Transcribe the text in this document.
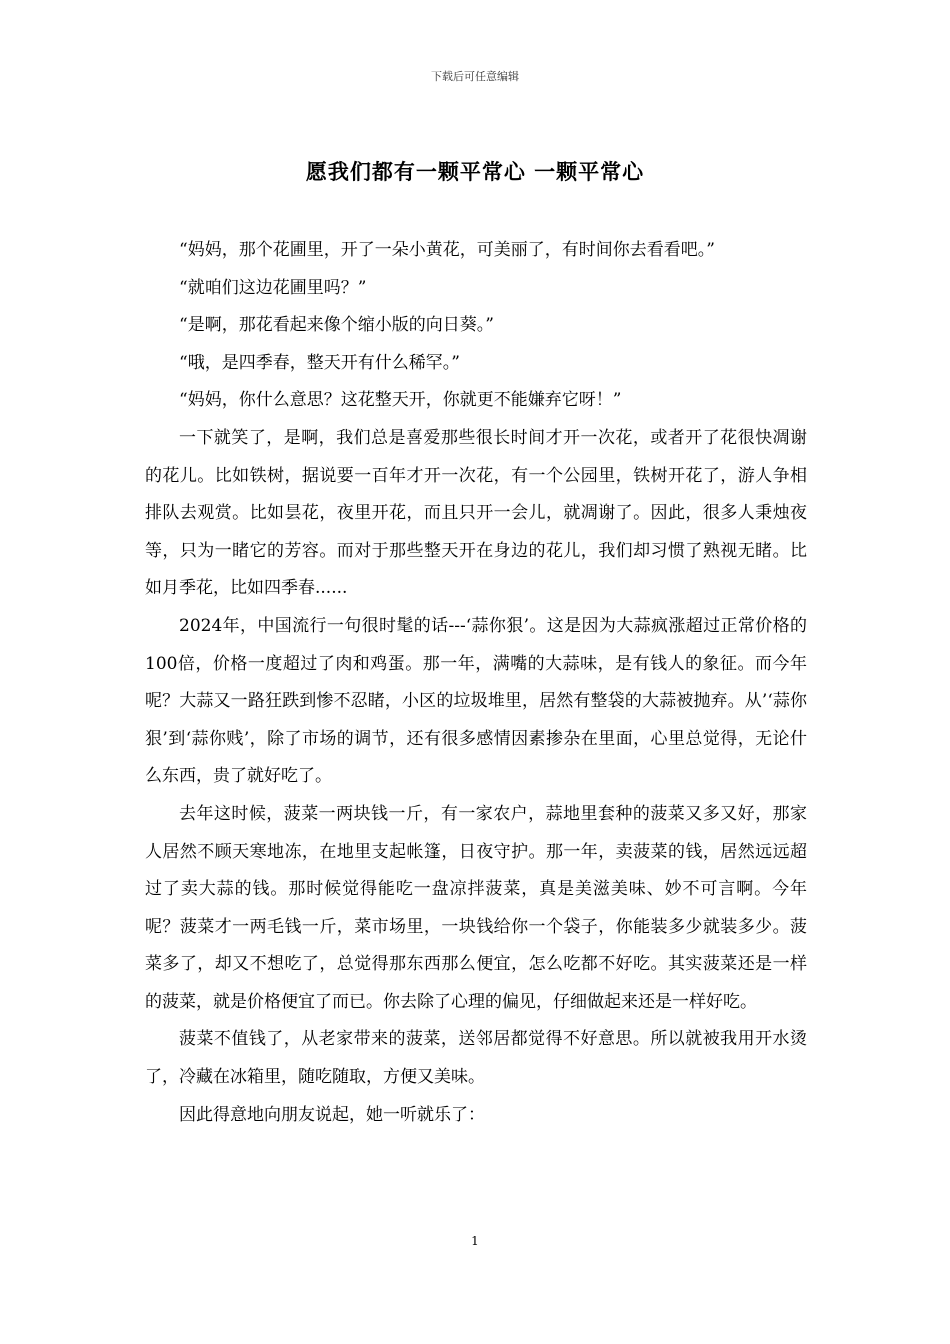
下载后可任意编辑
愿我们都有一颗平常心 一颗平常心

“妈妈，那个花圃里，开了一朵小黄花，可美丽了，有时间你去看看吧。”

“就咱们这边花圃里吗？”

“是啊，那花看起来像个缩小版的向日葵。”

“哦，是四季春，整天开有什么稀罕。”

“妈妈，你什么意思？这花整天开，你就更不能嫌弃它呀！”

一下就笑了，是啊，我们总是喜爱那些很长时间才开一次花，或者开了花很快凋谢的花儿。比如铁树，据说要一百年才开一次花，有一个公园里，铁树开花了，游人争相排队去观赏。比如昙花，夜里开花，而且只开一会儿，就凋谢了。因此，很多人秉烛夜等，只为一睹它的芳容。而对于那些整天开在身边的花儿，我们却习惯了熟视无睹。比如月季花，比如四季春......

2024年，中国流行一句很时髦的话---‘蒜你狠’。这是因为大蒜疯涨超过正常价格的100倍，价格一度超过了肉和鸡蛋。那一年，满嘴的大蒜味，是有钱人的象征。而今年呢？大蒜又一路狂跌到惨不忍睹，小区的垃圾堆里，居然有整袋的大蒜被抛弃。从’‘蒜你狠’到‘蒜你贱’，除了市场的调节，还有很多感情因素掺杂在里面，心里总觉得，无论什么东西，贵了就好吃了。

去年这时候，菠菜一两块钱一斤，有一家农户，蒜地里套种的菠菜又多又好，那家人居然不顾天寒地冻，在地里支起帐篷，日夜守护。那一年，卖菠菜的钱，居然远远超过了卖大蒜的钱。那时候觉得能吃一盘凉拌菠菜，真是美滋美味、妙不可言啊。今年呢？菠菜才一两毛钱一斤，菜市场里，一块钱给你一个袋子，你能装多少就装多少。菠菜多了，却又不想吃了，总觉得那东西那么便宜，怎么吃都不好吃。其实菠菜还是一样的菠菜，就是价格便宜了而已。你去除了心理的偏见，仔细做起来还是一样好吃。

菠菜不值钱了，从老家带来的菠菜，送邻居都觉得不好意思。所以就被我用开水烫了，冷藏在冰箱里，随吃随取，方便又美味。

因此得意地向朋友说起，她一听就乐了：

1
